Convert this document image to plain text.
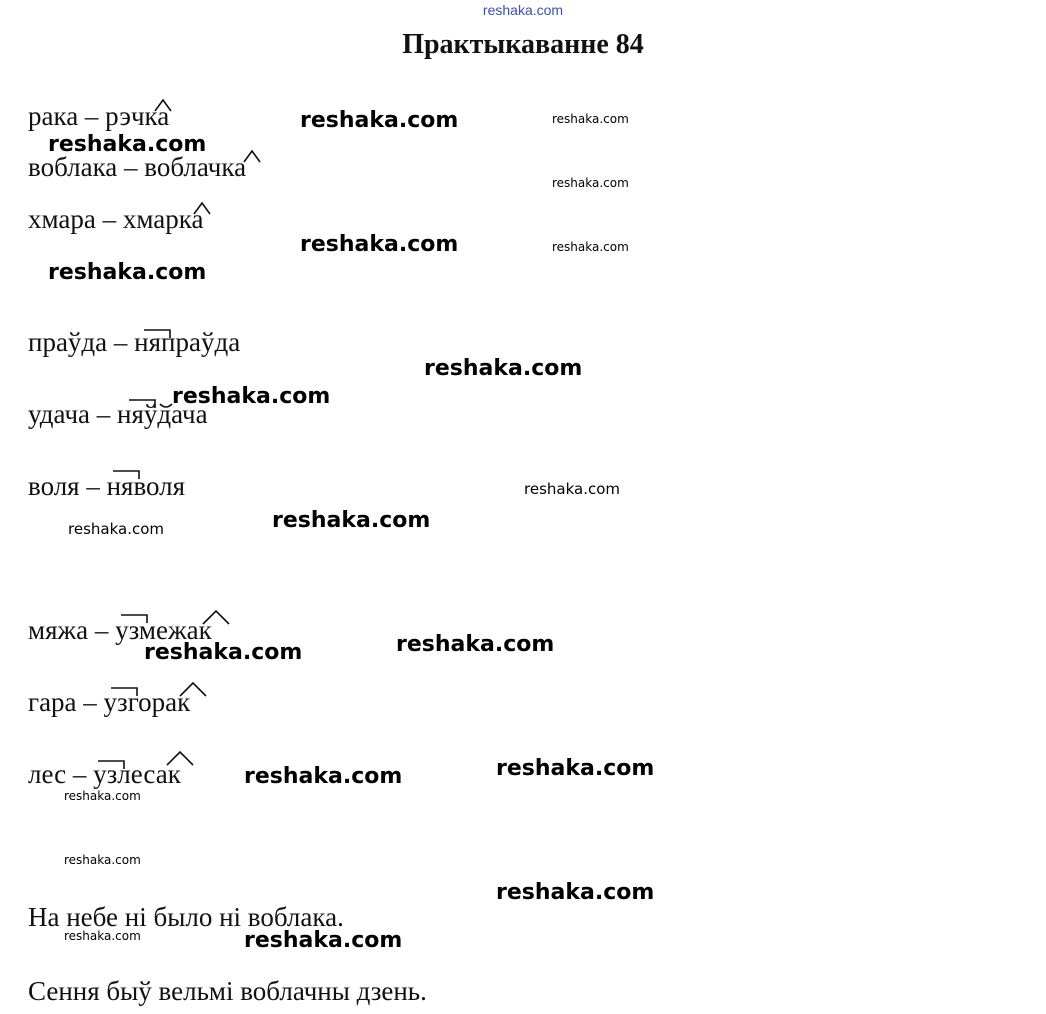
reshaka.com
Практыкаванне 84
рака – рэчка
воблака – воблачка
хмара – хмарка
праўда – няпраўда
удача – няўдача
воля – няволя
мяжа – узмежак
гара – узгорак
лес – узлесак
На небе ні было ні воблака.
Сення быў вельмі воблачны дзень.
reshaka.com	reshaka.com
reshaka.com
reshaka.com
reshaka.com	reshaka.com
reshaka.com
reshaka.com
reshaka.com
reshaka.com
reshaka.com
reshaka.com
reshaka.com
reshaka.com
reshaka.com
reshaka.com
reshaka.com
reshaka.com
reshaka.com
reshaka.com	reshaka.com
